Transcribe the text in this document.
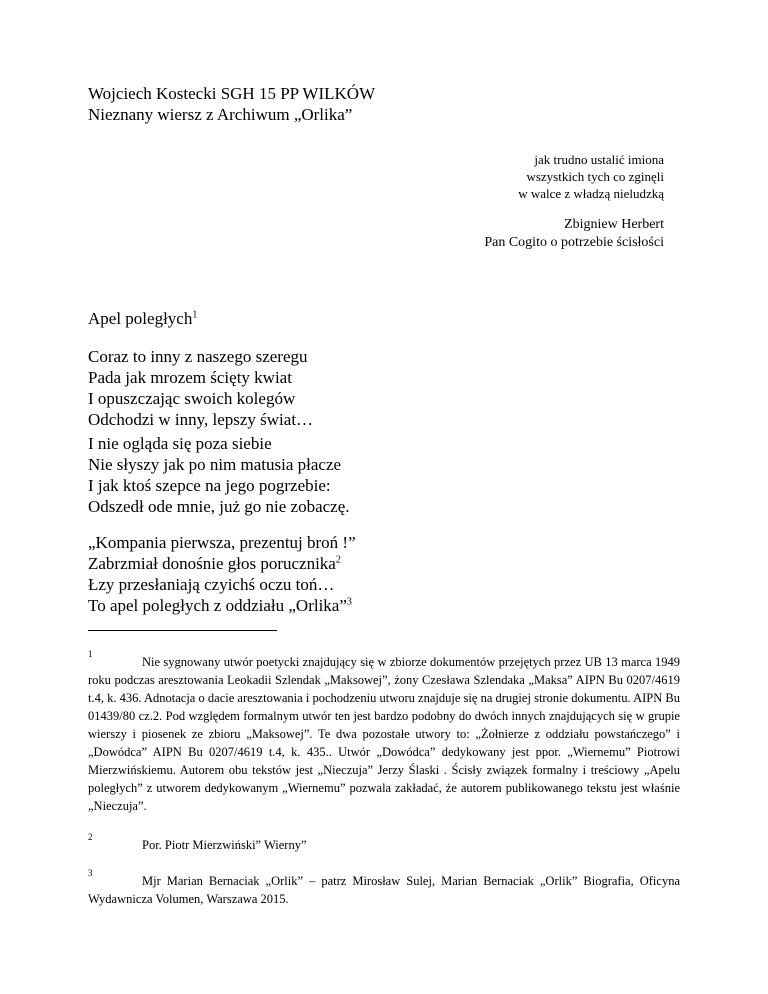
Wojciech Kostecki SGH 15 PP WILKÓW
Nieznany wiersz z Archiwum „Orlika”
jak trudno ustalić imiona
wszystkich tych co zginęli
w walce z władzą nieludzką
Zbigniew Herbert
Pan Cogito o potrzebie ścisłości
Apel poległych$^1$
Coraz to inny z naszego szeregu
Pada jak mrozem ścięty kwiat
I opuszczając swoich kolegów
Odchodzi w inny, lepszy świat…
I nie ogląda się poza siebie
Nie słyszy jak po nim matusia płacze
I jak ktoś szepce na jego pogrzebie:
Odszedł ode mnie, już go nie zobaczę.
„Kompania pierwsza, prezentuj broń !”
Zabrzmiał donośnie głos porucznika$^2$
Łzy przesłaniają czyichś oczu toń…
To apel poległych z oddziału „Orlika”$^3$
1
Nie sygnowany utwór poetycki znajdujący się w zbiorze dokumentów przejętych przez UB 13 marca 1949 roku podczas aresztowania Leokadii Szlendak „Maksowej”, żony Czesława Szlendaka „Maksa” AIPN Bu 0207/4619 t.4, k. 436. Adnotacja o dacie aresztowania i pochodzeniu utworu znajduje się na drugiej stronie dokumentu. AIPN Bu 01439/80 cz.2. Pod względem formalnym utwór ten jest bardzo podobny do dwóch innych znajdujących się w grupie wierszy i piosenek ze zbioru „Maksowej”. Te dwa pozostałe utwory to: „Żołnierze z oddziału powstańczego” i „Dowódca” AIPN Bu 0207/4619 t.4, k. 435.. Utwór „Dowódca” dedykowany jest ppor. „Wiernemu” Piotrowi Mierzwińskiemu. Autorem obu tekstów jest „Nieczuja” Jerzy Ślaski . Ścisły związek formalny i treściowy „Apelu poległych” z utworem dedykowanym „Wiernemu” pozwala zakładać, że autorem publikowanego tekstu jest właśnie „Nieczuja”.
2
Por. Piotr Mierzwiński” Wierny”
3
Mjr Marian Bernaciak „Orlik” – patrz Mirosław Sulej, Marian Bernaciak „Orlik” Biografia, Oficyna Wydawnicza Volumen, Warszawa 2015.
